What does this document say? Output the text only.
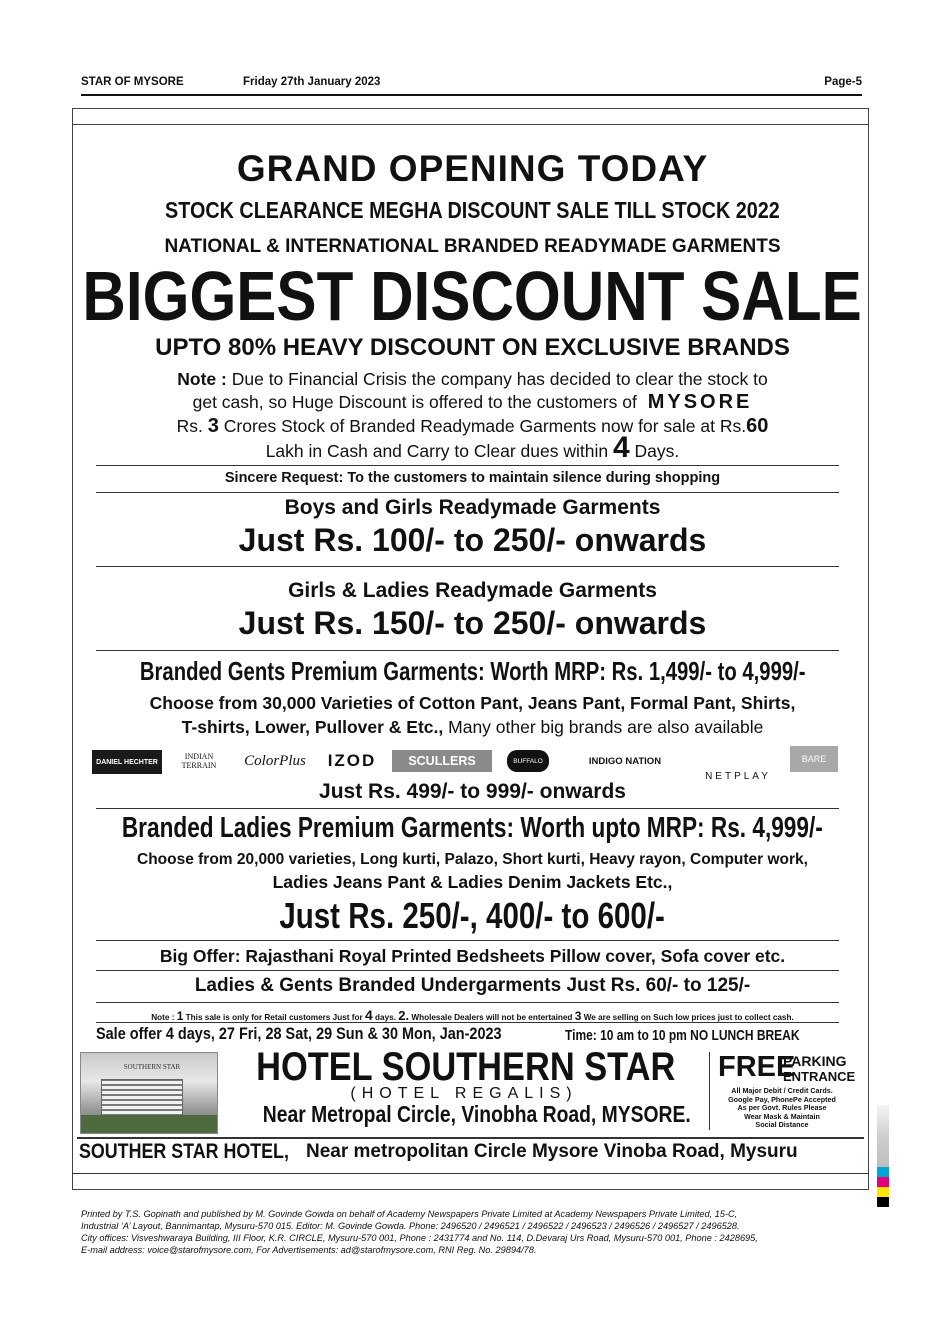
STAR OF MYSORE	Friday 27th January 2023	Page-5
GRAND OPENING TODAY
STOCK CLEARANCE MEGHA DISCOUNT SALE TILL STOCK 2022
NATIONAL & INTERNATIONAL BRANDED READYMADE GARMENTS
BIGGEST DISCOUNT SALE
UPTO 80% HEAVY DISCOUNT ON EXCLUSIVE BRANDS
Note : Due to Financial Crisis the company has decided to clear the stock to
get cash, so Huge Discount is offered to the customers of MYSORE
Rs. 3 Crores Stock of Branded Readymade Garments now for sale at Rs.60
Lakh in Cash and Carry to Clear dues within 4 Days.
Sincere Request: To the customers to maintain silence during shopping
Boys and Girls Readymade Garments
Just Rs. 100/- to 250/- onwards
Girls & Ladies Readymade Garments
Just Rs. 150/- to 250/- onwards
Branded Gents Premium Garments: Worth MRP: Rs. 1,499/- to 4,999/-
Choose from 30,000 Varieties of Cotton Pant, Jeans Pant, Formal Pant, Shirts,
T-shirts, Lower, Pullover & Etc., Many other big brands are also available
DANIEL HECHTER
INDIAN TERRAIN	ColorPlus IZOD	SCULLERS	BUFFALO	INDIGO NATION
NETPLAY
BARE
Just Rs. 499/- to 999/- onwards
Branded Ladies Premium Garments: Worth upto MRP: Rs. 4,999/-
Choose from 20,000 varieties, Long kurti, Palazo, Short kurti, Heavy rayon, Computer work,
Ladies Jeans Pant & Ladies Denim Jackets Etc.,
Just Rs. 250/-, 400/- to 600/-
Big Offer: Rajasthani Royal Printed Bedsheets Pillow cover, Sofa cover etc.
Ladies & Gents Branded Undergarments Just Rs. 60/- to 125/-
Note : 1 This sale is only for Retail customers Just for 4 days. 2. Wholesale Dealers will not be entertained 3 We are selling on Such low prices just to collect cash.
Sale offer 4 days, 27 Fri, 28 Sat, 29 Sun & 30 Mon, Jan-2023	Time: 10 am to 10 pm NO LUNCH BREAK
SOUTHERN STAR	HOTEL SOUTHERN STAR
(HOTEL REGALIS)
Near Metropal Circle, Vinobha Road, MYSORE.
FREE
PARKING
ENTRANCE
All Major Debit / Credit Cards.
Google Pay, PhonePe Accepted
As per Govt. Rules Please
Wear Mask & Maintain
Social Distance
SOUTHER STAR HOTEL, Near metropolitan Circle Mysore Vinoba Road, Mysuru

Printed by T.S. Gopinath and published by M. Govinde Gowda on behalf of Academy Newspapers Private Limited at Academy Newspapers Private Limited, 15-C,

Industrial ‘A’ Layout, Bannimantap, Mysuru-570 015. Editor: M. Govinde Gowda. Phone: 2496520 / 2496521 / 2496522 / 2496523 / 2496526 / 2496527 / 2496528.

City offices: Visveshwaraya Building, III Floor, K.R. CIRCLE, Mysuru-570 001, Phone : 2431774 and No. 114, D.Devaraj Urs Road, Mysuru-570 001, Phone : 2428695,

E-mail address: voice@starofmysore.com, For Advertisements: ad@starofmysore.com, RNI Reg. No. 29894/78.
